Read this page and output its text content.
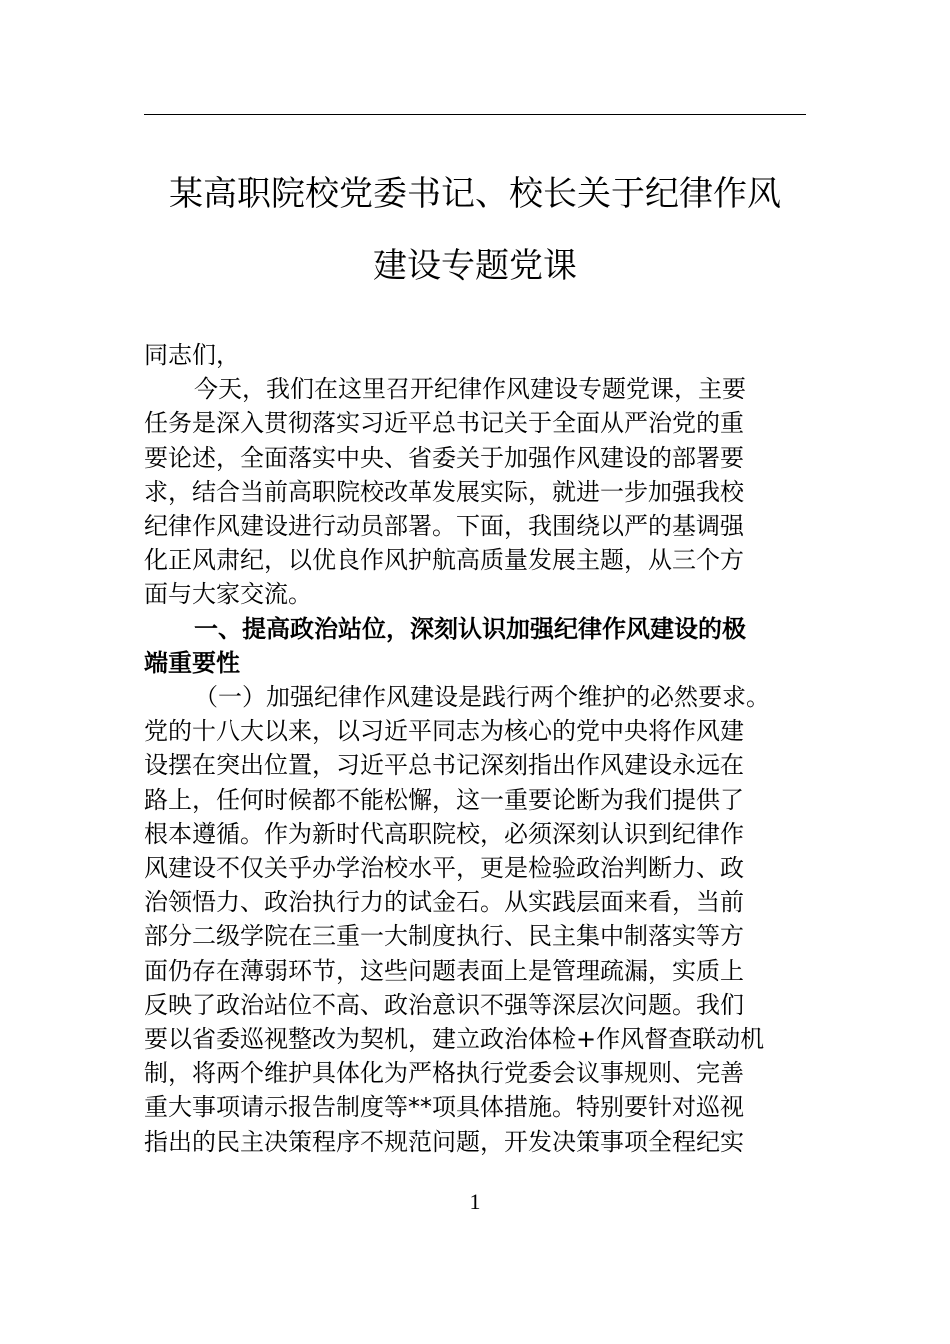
某高职院校党委书记、校长关于纪律作风
建设专题党课
同志们，
今天，我们在这里召开纪律作风建设专题党课，主要
任务是深入贯彻落实习近平总书记关于全面从严治党的重
要论述，全面落实中央、省委关于加强作风建设的部署要
求，结合当前高职院校改革发展实际，就进一步加强我校
纪律作风建设进行动员部署。下面，我围绕以严的基调强
化正风肃纪，以优良作风护航高质量发展主题，从三个方
面与大家交流。
一、提高政治站位，深刻认识加强纪律作风建设的极
端重要性
（一）加强纪律作风建设是践行两个维护的必然要求。
党的十八大以来，以习近平同志为核心的党中央将作风建
设摆在突出位置，习近平总书记深刻指出作风建设永远在
路上，任何时候都不能松懈，这一重要论断为我们提供了
根本遵循。作为新时代高职院校，必须深刻认识到纪律作
风建设不仅关乎办学治校水平，更是检验政治判断力、政
治领悟力、政治执行力的试金石。从实践层面来看，当前
部分二级学院在三重一大制度执行、民主集中制落实等方
面仍存在薄弱环节，这些问题表面上是管理疏漏，实质上
反映了政治站位不高、政治意识不强等深层次问题。我们
要以省委巡视整改为契机，建立政治体检+作风督查联动机
制，将两个维护具体化为严格执行党委会议事规则、完善
重大事项请示报告制度等**项具体措施。特别要针对巡视
指出的民主决策程序不规范问题，开发决策事项全程纪实
1
